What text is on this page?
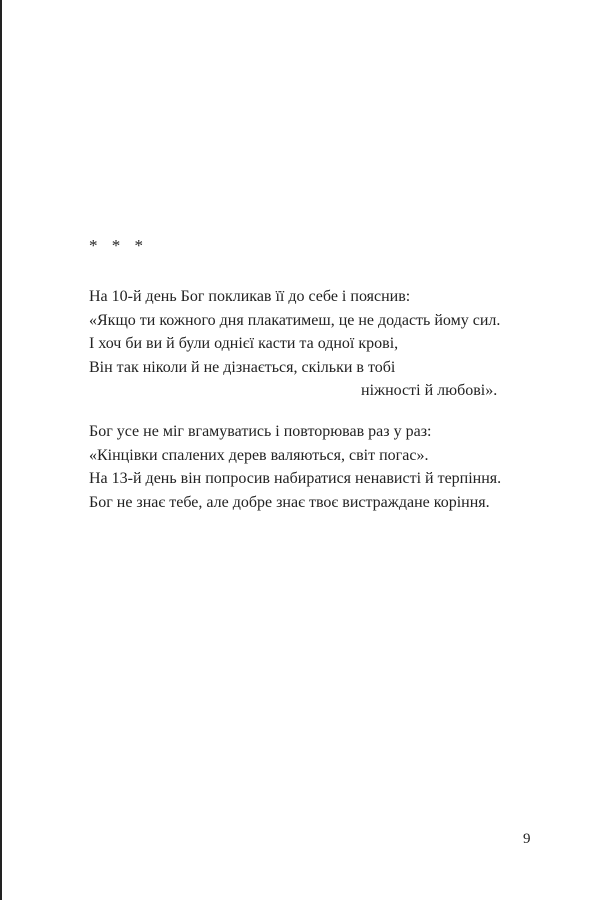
* * *

На 10-й день Бог покликав її до себе і пояснив:
«Якщо ти кожного дня плакатимеш, це не додасть йому сил.
І хоч би ви й були однієї касти та одної крові,
Він так ніколи й не дізнається, скільки в тобі
ніжності й любові».
Бог усе не міг вгамуватись і повторював раз у раз:
«Кінцівки спалених дерев валяються, світ погас».
На 13-й день він попросив набиратися ненависті й терпіння.
Бог не знає тебе, але добре знає твоє вистраждане коріння.

9
